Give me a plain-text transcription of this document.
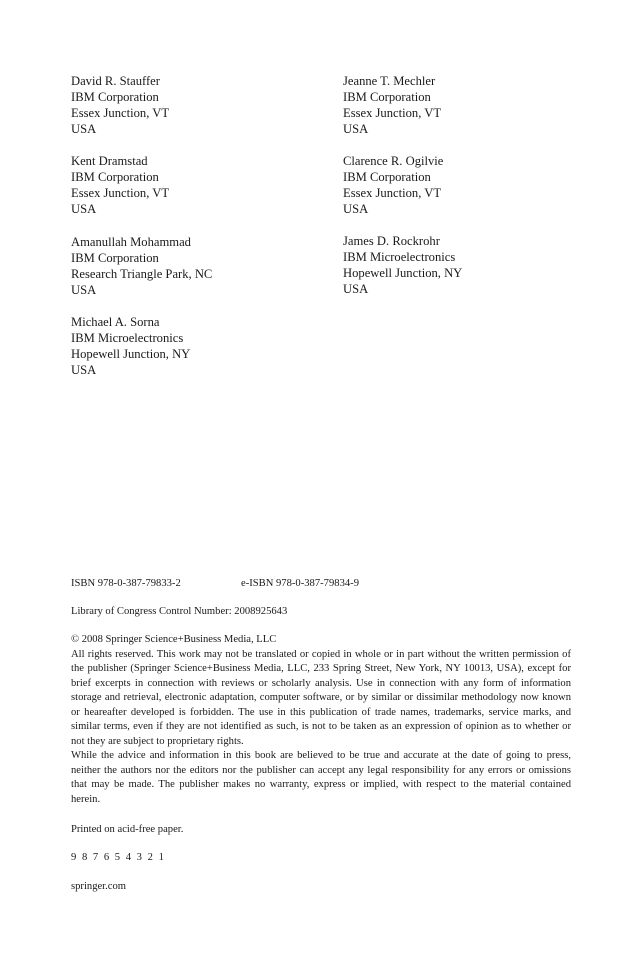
David R. Stauffer
IBM Corporation
Essex Junction, VT
USA
Kent Dramstad
IBM Corporation
Essex Junction, VT
USA
Amanullah Mohammad
IBM Corporation
Research Triangle Park, NC
USA
Michael A. Sorna
IBM Microelectronics
Hopewell Junction, NY
USA
Jeanne T. Mechler
IBM Corporation
Essex Junction, VT
USA
Clarence R. Ogilvie
IBM Corporation
Essex Junction, VT
USA
James D. Rockrohr
IBM Microelectronics
Hopewell Junction, NY
USA
ISBN 978-0-387-79833-2	e-ISBN 978-0-387-79834-9
Library of Congress Control Number: 2008925643

© 2008 Springer Science+Business Media, LLC

All rights reserved. This work may not be translated or copied in whole or in part without the written permission of the publisher (Springer Science+Business Media, LLC, 233 Spring Street, New York, NY 10013, USA), except for brief excerpts in connection with reviews or scholarly analysis. Use in connection with any form of information storage and retrieval, electronic adaptation, computer software, or by similar or dissimilar methodology now known or heareafter developed is forbidden. The use in this publication of trade names, trademarks, service marks, and similar terms, even if they are not identified as such, is not to be taken as an expression of opinion as to whether or not they are subject to proprietary rights.

While the advice and information in this book are believed to be true and accurate at the date of going to press, neither the authors nor the editors nor the publisher can accept any legal responsibility for any errors or omissions that may be made. The publisher makes no warranty, express or implied, with respect to the material contained herein.

Printed on acid-free paper.
9 8 7 6 5 4 3 2 1
springer.com
